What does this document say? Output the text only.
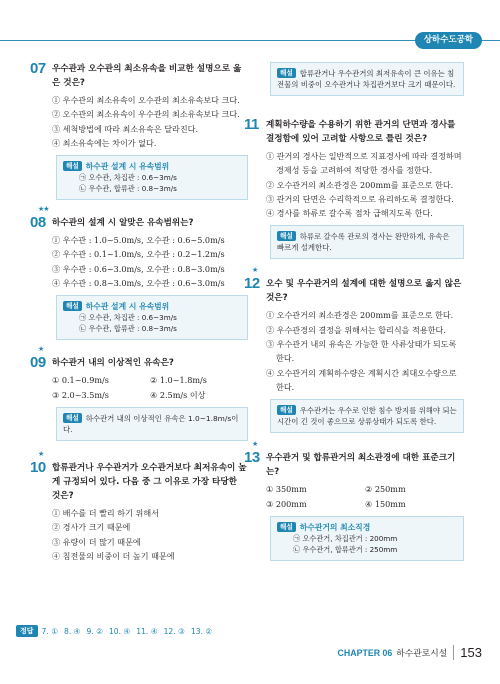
상하수도공학
07 우수관과 오수관의 최소유속을 비교한 설명으로 옳은 것은?
① 우수관의 최소유속이 오수관의 최소유속보다 크다.
② 오수관의 최소유속이 우수관의 최소유속보다 크다.
③ 세척방법에 따라 최소유속은 달라진다.
④ 최소유속에는 차이가 없다.
해설 하수관 설계 시 유속범위
㉠ 오수관, 차집관 : 0.6~3m/s
㉡ 우수관, 합류관 : 0.8~3m/s
★★
08 하수관의 설계 시 알맞은 유속범위는?
① 우수관 : 1.0~5.0m/s, 오수관 : 0.6~5.0m/s
② 우수관 : 0.1~1.0m/s, 오수관 : 0.2~1.2m/s
③ 우수관 : 0.6~3.0m/s, 오수관 : 0.8~3.0m/s
④ 우수관 : 0.8~3.0m/s, 오수관 : 0.6~3.0m/s
해설 하수관 설계 시 유속범위
㉠ 오수관, 차집관 : 0.6~3m/s
㉡ 우수관, 합류관 : 0.8~3m/s
★
09 하수관거 내의 이상적인 유속은?
① 0.1~0.9m/s	② 1.0~1.8m/s
③ 2.0~3.5m/s	④ 2.5m/s 이상
해설 하수관거 내의 이상적인 유속은 1.0~1.8m/s이다.
★
10 합류관거나 우수관거가 오수관거보다 최저유속이 높게 규정되어 있다. 다음 중 그 이유로 가장 타당한 것은?
① 배수를 더 빨리 하기 위해서
② 경사가 크기 때문에
③ 유량이 더 많기 때문에
④ 침전물의 비중이 더 높기 때문에
해설 합류관거나 우수관거의 최저유속이 큰 이유는 침전물의 비중이 오수관거나 차집관거보다 크기 때문이다.
11 계획하수량을 수용하기 위한 관거의 단면과 경사를 결정함에 있어 고려할 사항으로 틀린 것은?
① 관거의 경사는 일반적으로 지표경사에 따라 결정하며 경제성 등을 고려하여 적당한 경사를 정한다.
② 오수관거의 최소관경은 200mm를 표준으로 한다.
③ 관거의 단면은 수리학적으로 유리하도록 결정한다.
④ 경사를 하류로 갈수록 점차 급해지도록 한다.
해설 하류로 갈수록 관로의 경사는 완만하게, 유속은 빠르게 설계한다.
★
12 오수 및 우수관거의 설계에 대한 설명으로 옳지 않은 것은?
① 오수관거의 최소관경은 200mm를 표준으로 한다.
② 우수관경의 결정을 위해서는 합리식을 적용한다.
③ 우수관거 내의 유속은 가능한 한 사류상태가 되도록 한다.
④ 오수관거의 계획하수량은 계획시간 최대오수량으로 한다.
해설 우수관거는 우수로 인한 침수 방지를 위해야 되는 시간이 긴 것이 좋으므로 상류상태가 되도록 한다.
★
13 우수관거 및 합류관거의 최소관경에 대한 표준크기는?
① 350mm	② 250mm
③ 200mm	④ 150mm
해설 하수관거의 최소직경
㉠ 오수관거, 차집관거 : 200mm
㉡ 우수관거, 합류관거 : 250mm
정답	7. ① 8. ④ 9. ② 10. ④ 11. ④ 12. ③ 13. ②
CHAPTER 06 하수관로시설	153
